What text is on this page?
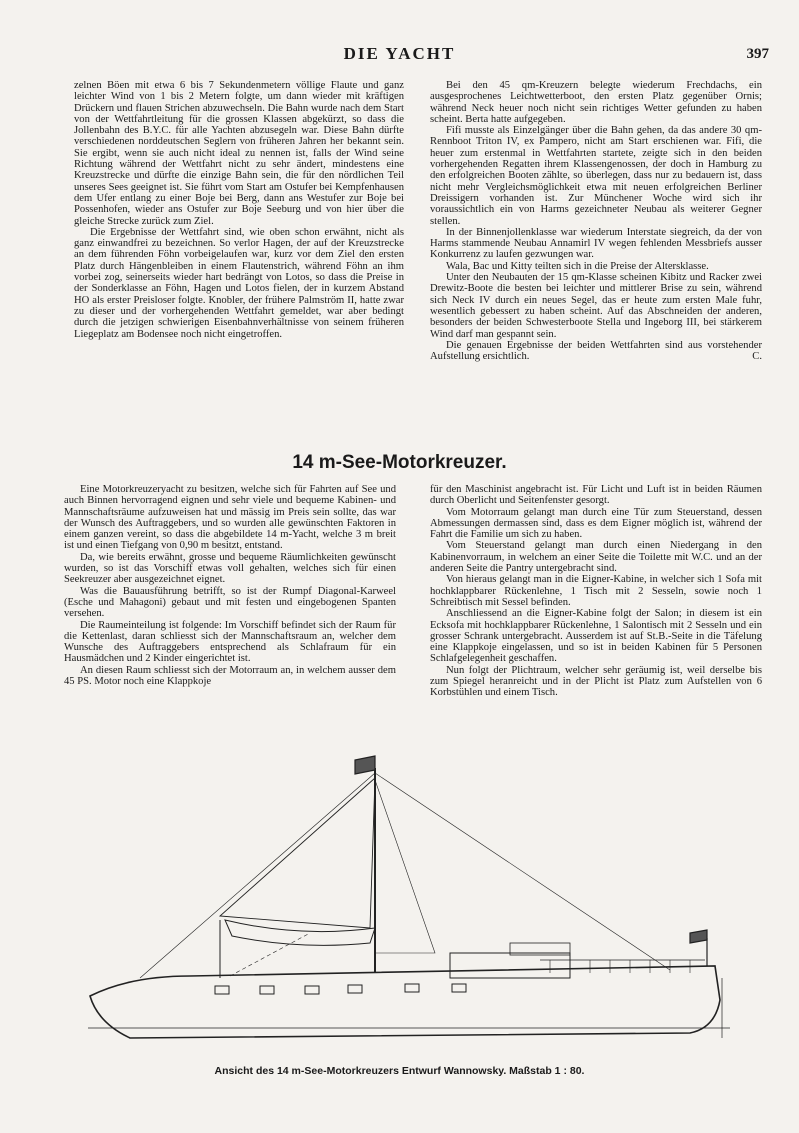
DIE YACHT	397

zelnen Böen mit etwa 6 bis 7 Sekundenmetern völlige Flaute und ganz leichter Wind von 1 bis 2 Metern folgte, um dann wieder mit kräftigen Drückern und flauen Strichen abzuwechseln. Die Bahn wurde nach dem Start von der Wettfahrtleitung für die grossen Klassen abgekürzt, so dass die Jollenbahn des B.Y.C. für alle Yachten abzusegeln war. Diese Bahn dürfte verschiedenen norddeutschen Seglern von früheren Jahren her bekannt sein. Sie ergibt, wenn sie auch nicht ideal zu nennen ist, falls der Wind seine Richtung während der Wettfahrt nicht zu sehr ändert, mindestens eine Kreuzstrecke und dürfte die einzige Bahn sein, die für den nördlichen Teil unseres Sees geeignet ist. Sie führt vom Start am Ostufer bei Kempfenhausen dem Ufer entlang zu einer Boje bei Berg, dann ans Westufer zur Boje bei Possenhofen, wieder ans Ostufer zur Boje Seeburg und von hier über die gleiche Strecke zurück zum Ziel.

Die Ergebnisse der Wettfahrt sind, wie oben schon erwähnt, nicht als ganz einwandfrei zu bezeichnen. So verlor Hagen, der auf der Kreuzstrecke an dem führenden Föhn vorbeigelaufen war, kurz vor dem Ziel den ersten Platz durch Hängenbleiben in einem Flautenstrich, während Föhn an ihm vorbei zog, seinerseits wieder hart bedrängt von Lotos, so dass die Preise in der Sonderklasse an Föhn, Hagen und Lotos fielen, der in kurzem Abstand HO als erster Preisloser folgte. Knobler, der frühere Palmström II, hatte zwar zu dieser und der vorhergehenden Wettfahrt gemeldet, war aber bedingt durch die jetzigen schwierigen Eisenbahnverhältnisse von seinem früheren Liegeplatz am Bodensee noch nicht eingetroffen.

Bei den 45 qm-Kreuzern belegte wiederum Frechdachs, ein ausgesprochenes Leichtwetterboot, den ersten Platz gegenüber Ornis; während Neck heuer noch nicht sein richtiges Wetter gefunden zu haben scheint. Berta hatte aufgegeben.

Fifi musste als Einzelgänger über die Bahn gehen, da das andere 30 qm-Rennboot Triton IV, ex Pampero, nicht am Start erschienen war. Fifi, die heuer zum erstenmal in Wettfahrten startete, zeigte sich in den beiden vorhergehenden Regatten ihrem Klassengenossen, der doch in Hamburg zu den erfolgreichen Booten zählte, so überlegen, dass nur zu bedauern ist, dass nicht mehr Vergleichsmöglichkeit etwa mit neuen erfolgreichen Berliner Dreissigern vorhanden ist. Zur Münchener Woche wird sich ihr voraussichtlich ein von Harms gezeichneter Neubau als weiterer Gegner stellen.

In der Binnenjollenklasse war wiederum Interstate siegreich, da der von Harms stammende Neubau Annamirl IV wegen fehlenden Messbriefs ausser Konkurrenz zu laufen gezwungen war.

Wala, Bac und Kitty teilten sich in die Preise der Altersklasse.

Unter den Neubauten der 15 qm-Klasse scheinen Kibitz und Racker zwei Drewitz-Boote die besten bei leichter und mittlerer Brise zu sein, während sich Neck IV durch ein neues Segel, das er heute zum ersten Male fuhr, wesentlich gebessert zu haben scheint. Auf das Abschneiden der anderen, besonders der beiden Schwesterboote Stella und Ingeborg III, bei stärkerem Wind darf man gespannt sein.

Die genauen Ergebnisse der beiden Wettfahrten sind aus vorstehender Aufstellung ersichtlich.	C.

14 m-See-Motorkreuzer.

Eine Motorkreuzeryacht zu besitzen, welche sich für Fahrten auf See und auch Binnen hervorragend eignen und sehr viele und bequeme Kabinen- und Mannschaftsräume aufzuweisen hat und mässig im Preis sein sollte, das war der Wunsch des Auftraggebers, und so wurden alle gewünschten Faktoren in einem ganzen vereint, so dass die abgebildete 14 m-Yacht, welche 3 m breit ist und einen Tiefgang von 0,90 m besitzt, entstand.

Da, wie bereits erwähnt, grosse und bequeme Räumlichkeiten gewünscht wurden, so ist das Vorschiff etwas voll gehalten, welches sich für einen Seekreuzer aber ausgezeichnet eignet.

Was die Bauausführung betrifft, so ist der Rumpf Diagonal-Karweel (Esche und Mahagoni) gebaut und mit festen und eingebogenen Spanten versehen.

Die Raumeinteilung ist folgende: Im Vorschiff befindet sich der Raum für die Kettenlast, daran schliesst sich der Mannschaftsraum an, welcher dem Wunsche des Auftraggebers entsprechend als Schlafraum für ein Hausmädchen und 2 Kinder eingerichtet ist.

An diesen Raum schliesst sich der Motorraum an, in welchem ausser dem 45 PS. Motor noch eine Klappkoje

für den Maschinist angebracht ist. Für Licht und Luft ist in beiden Räumen durch Oberlicht und Seitenfenster gesorgt.

Vom Motorraum gelangt man durch eine Tür zum Steuerstand, dessen Abmessungen dermassen sind, dass es dem Eigner möglich ist, während der Fahrt die Familie um sich zu haben.

Vom Steuerstand gelangt man durch einen Niedergang in den Kabinenvorraum, in welchem an einer Seite die Toilette mit W.C. und an der anderen Seite die Pantry untergebracht sind.

Von hieraus gelangt man in die Eigner-Kabine, in welcher sich 1 Sofa mit hochklappbarer Rückenlehne, 1 Tisch mit 2 Sesseln, sowie noch 1 Schreibtisch mit Sessel befinden.

Anschliessend an die Eigner-Kabine folgt der Salon; in diesem ist ein Ecksofa mit hochklappbarer Rückenlehne, 1 Salontisch mit 2 Sesseln und ein grosser Schrank untergebracht. Ausserdem ist auf St.B.-Seite in die Täfelung eine Klappkoje eingelassen, und so ist in beiden Kabinen für 5 Personen Schlafgelegenheit geschaffen.

Nun folgt der Plichtraum, welcher sehr geräumig ist, weil derselbe bis zum Spiegel heranreicht und in der Plicht ist Platz zum Aufstellen von 6 Korbstühlen und einem Tisch.

Ansicht des 14 m-See-Motorkreuzers Entwurf Wannowsky. Maßstab 1 : 80.
